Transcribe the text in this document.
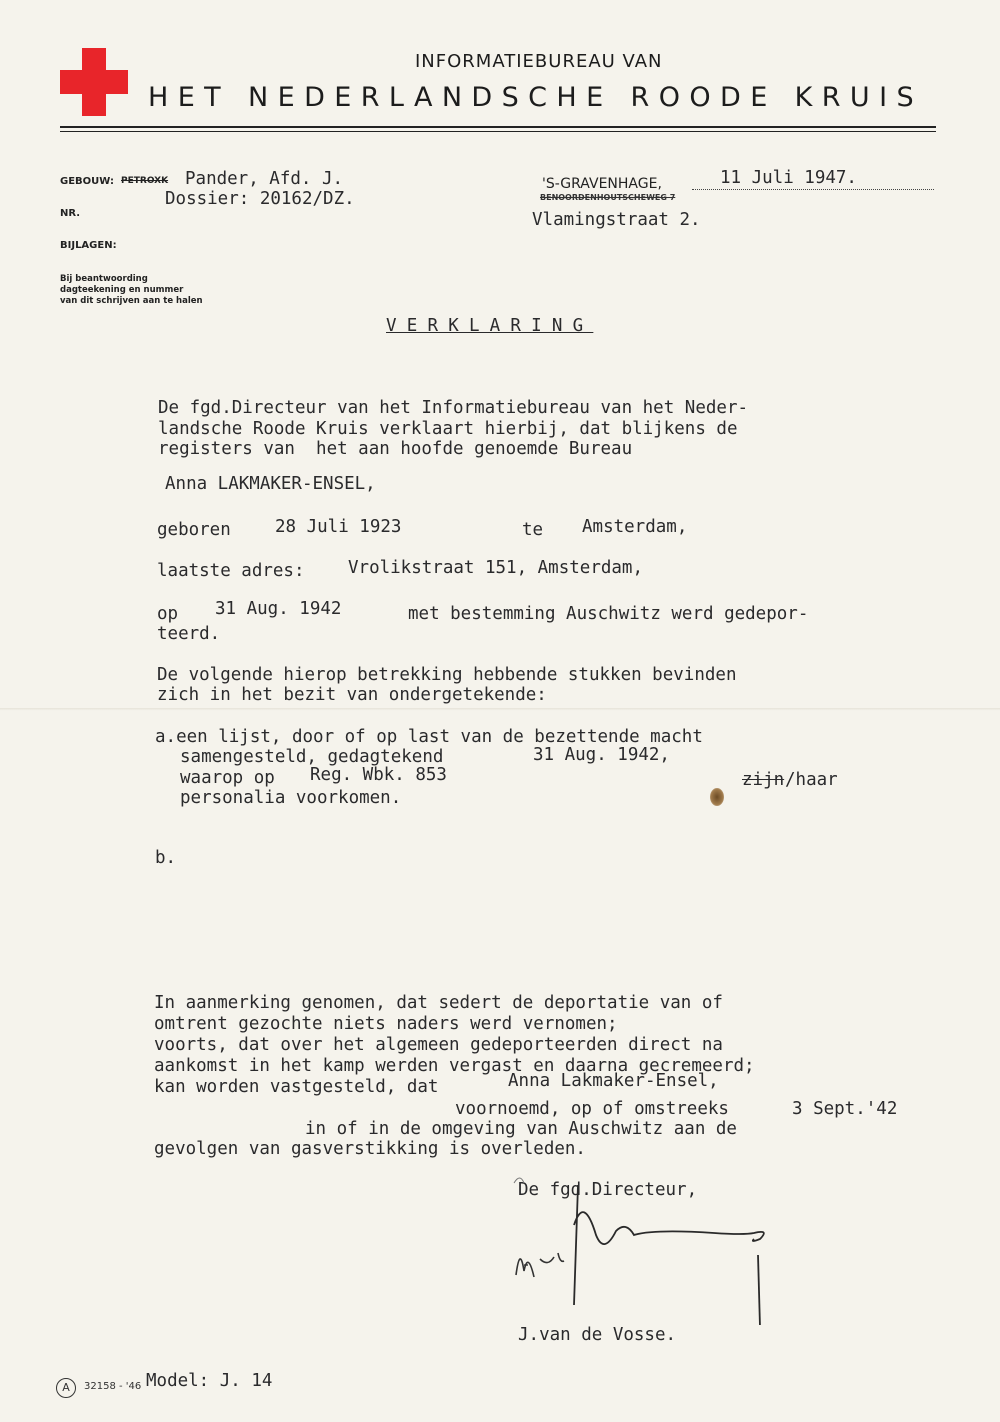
INFORMATIEBUREAU VAN
HET NEDERLANDSCHE ROODE KRUIS
GEBOUW: PETROXK Pander, Afd. J.
Dossier: 20162/DZ.
NR.
BIJLAGEN:
Bij beantwoording
dagteekening en nummer
van dit schrijven aan te halen
'S-GRAVENHAGE,	11 Juli 1947.
BENOORDENHOUTSCHEWEG 7
Vlamingstraat 2.
VERKLARING
De fgd.Directeur van het Informatiebureau van het Neder-
landsche Roode Kruis verklaart hierbij, dat blijkens de
registers van  het aan hoofde genoemde Bureau
Anna LAKMAKER-ENSEL,
geboren	28 Juli 1923	te Amsterdam,
laatste adres: Vrolikstraat 151, Amsterdam,
op 31 Aug. 1942	met bestemming Auschwitz werd gedepor-
teerd.
De volgende hierop betrekking hebbende stukken bevinden
zich in het bezit van ondergetekende:
a.een lijst, door of op last van de bezettende macht
samengesteld, gedagtekend	31 Aug. 1942,
waarop op Reg. Wbk. 853	zijn /haar
personalia voorkomen.
b.
In aanmerking genomen, dat sedert de deportatie van of
omtrent gezochte niets naders werd vernomen;
voorts, dat over het algemeen gedeporteerden direct na
aankomst in het kamp werden vergast en daarna gecremeerd;
kan worden vastgesteld, dat	Anna Lakmaker-Ensel,
voornoemd, op of omstreeks	3 Sept.'42
in of in de omgeving van Auschwitz aan de
gevolgen van gasverstikking is overleden.
De fgd.Directeur,
J.van de Vosse.
A	32158 - '46 Model: J. 14
